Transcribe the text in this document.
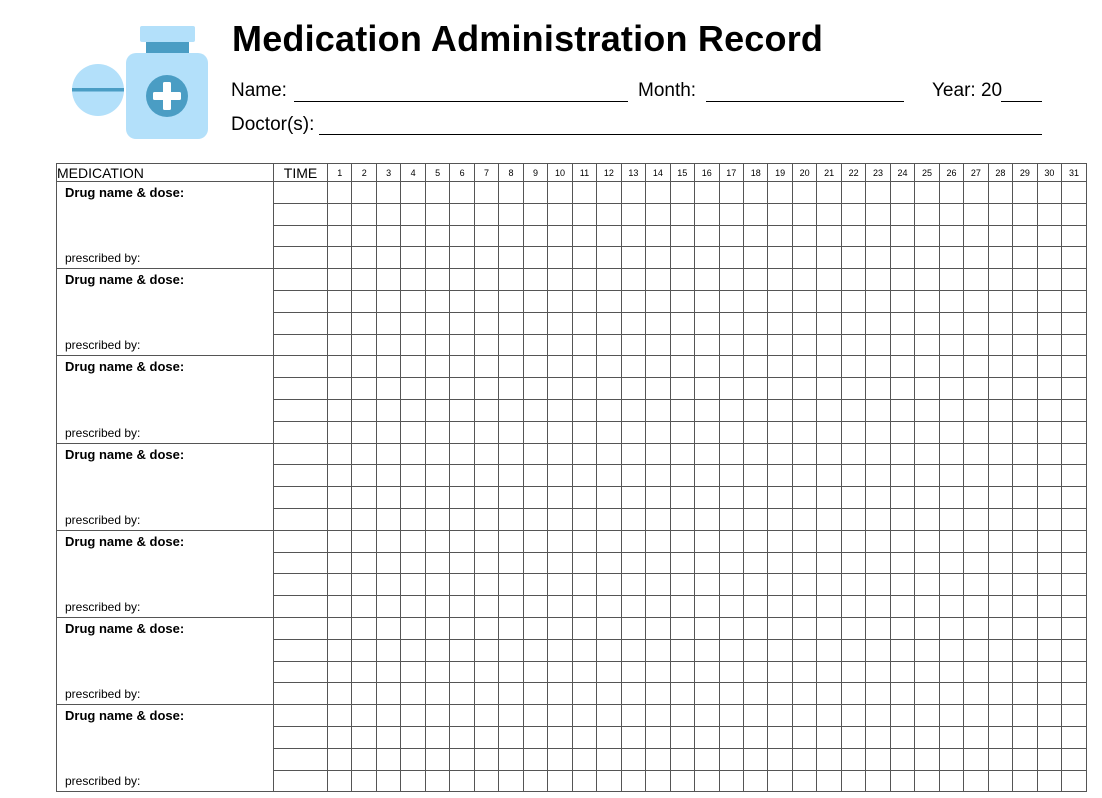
Medication Administration Record
Name:	Month:	Year: 20
Doctor(s):
MEDICATION	TIME	1	2	3	4	5	6	7	8	9	10	11	12	13	14	15	16	17	18	19	20	21	22	23	24	25	26	27	28	29	30	31

Drug name & dose:
prescribed by:																																

Drug name & dose:
prescribed by:																																

Drug name & dose:
prescribed by:																																

Drug name & dose:
prescribed by:																																

Drug name & dose:
prescribed by:																																

Drug name & dose:
prescribed by:																																

Drug name & dose:
prescribed by:																																
